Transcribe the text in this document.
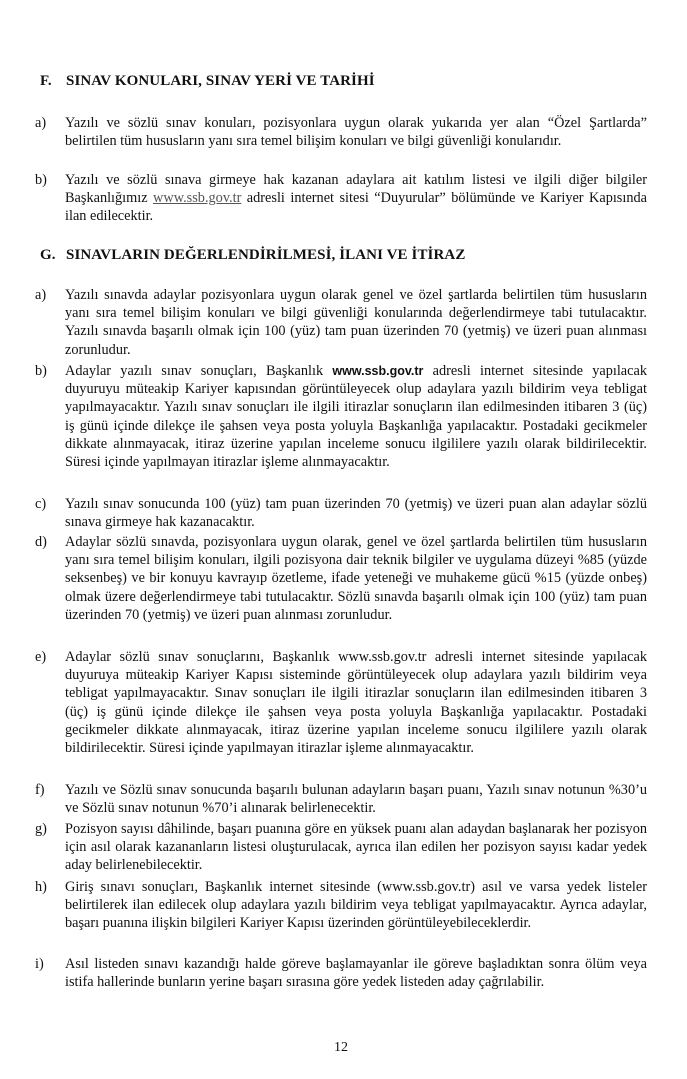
F. SINAV KONULARI, SINAV YERİ VE TARİHİ
a) Yazılı ve sözlü sınav konuları, pozisyonlara uygun olarak yukarıda yer alan “Özel Şartlarda” belirtilen tüm hususların yanı sıra temel bilişim konuları ve bilgi güvenliği konularıdır.
b) Yazılı ve sözlü sınava girmeye hak kazanan adaylara ait katılım listesi ve ilgili diğer bilgiler Başkanlığımız www.ssb.gov.tr adresli internet sitesi “Duyurular” bölümünde ve Kariyer Kapısında ilan edilecektir.
G. SINAVLARIN DEĞERLENDİRİLMESİ, İLANI VE İTİRAZ
a) Yazılı sınavda adaylar pozisyonlara uygun olarak genel ve özel şartlarda belirtilen tüm hususların yanı sıra temel bilişim konuları ve bilgi güvenliği konularında değerlendirmeye tabi tutulacaktır. Yazılı sınavda başarılı olmak için 100 (yüz) tam puan üzerinden 70 (yetmiş) ve üzeri puan alınması zorunludur.
b) Adaylar yazılı sınav sonuçları, Başkanlık www.ssb.gov.tr adresli internet sitesinde yapılacak duyuruyu müteakip Kariyer kapısından görüntüleyecek olup adaylara yazılı bildirim veya tebligat yapılmayacaktır. Yazılı sınav sonuçları ile ilgili itirazlar sonuçların ilan edilmesinden itibaren 3 (üç) iş günü içinde dilekçe ile şahsen veya posta yoluyla Başkanlığa yapılacaktır. Postadaki gecikmeler dikkate alınmayacak, itiraz üzerine yapılan inceleme sonucu ilgililere yazılı olarak bildirilecektir. Süresi içinde yapılmayan itirazlar işleme alınmayacaktır.
c) Yazılı sınav sonucunda 100 (yüz) tam puan üzerinden 70 (yetmiş) ve üzeri puan alan adaylar sözlü sınava girmeye hak kazanacaktır.
d) Adaylar sözlü sınavda, pozisyonlara uygun olarak, genel ve özel şartlarda belirtilen tüm hususların yanı sıra temel bilişim konuları, ilgili pozisyona dair teknik bilgiler ve uygulama düzeyi %85 (yüzde seksenbeş) ve bir konuyu kavrayıp özetleme, ifade yeteneği ve muhakeme gücü %15 (yüzde onbeş) olmak üzere değerlendirmeye tabi tutulacaktır. Sözlü sınavda başarılı olmak için 100 (yüz) tam puan üzerinden 70 (yetmiş) ve üzeri puan alınması zorunludur.
e) Adaylar sözlü sınav sonuçlarını, Başkanlık www.ssb.gov.tr adresli internet sitesinde yapılacak duyuruya müteakip Kariyer Kapısı sisteminde görüntüleyecek olup adaylara yazılı bildirim veya tebligat yapılmayacaktır. Sınav sonuçları ile ilgili itirazlar sonuçların ilan edilmesinden itibaren 3 (üç) iş günü içinde dilekçe ile şahsen veya posta yoluyla Başkanlığa yapılacaktır. Postadaki gecikmeler dikkate alınmayacak, itiraz üzerine yapılan inceleme sonucu ilgililere yazılı olarak bildirilecektir. Süresi içinde yapılmayan itirazlar işleme alınmayacaktır.
f) Yazılı ve Sözlü sınav sonucunda başarılı bulunan adayların başarı puanı, Yazılı sınav notunun %30’u ve Sözlü sınav notunun %70’i alınarak belirlenecektir.
g) Pozisyon sayısı dâhilinde, başarı puanına göre en yüksek puanı alan adaydan başlanarak her pozisyon için asıl olarak kazananların listesi oluşturulacak, ayrıca ilan edilen her pozisyon sayısı kadar yedek aday belirlenebilecektir.
h) Giriş sınavı sonuçları, Başkanlık internet sitesinde (www.ssb.gov.tr) asıl ve varsa yedek listeler belirtilerek ilan edilecek olup adaylara yazılı bildirim veya tebligat yapılmayacaktır. Ayrıca adaylar, başarı puanına ilişkin bilgileri Kariyer Kapısı üzerinden görüntüleyebileceklerdir.
i) Asıl listeden sınavı kazandığı halde göreve başlamayanlar ile göreve başladıktan sonra ölüm veya istifa hallerinde bunların yerine başarı sırasına göre yedek listeden aday çağrılabilir.
12
